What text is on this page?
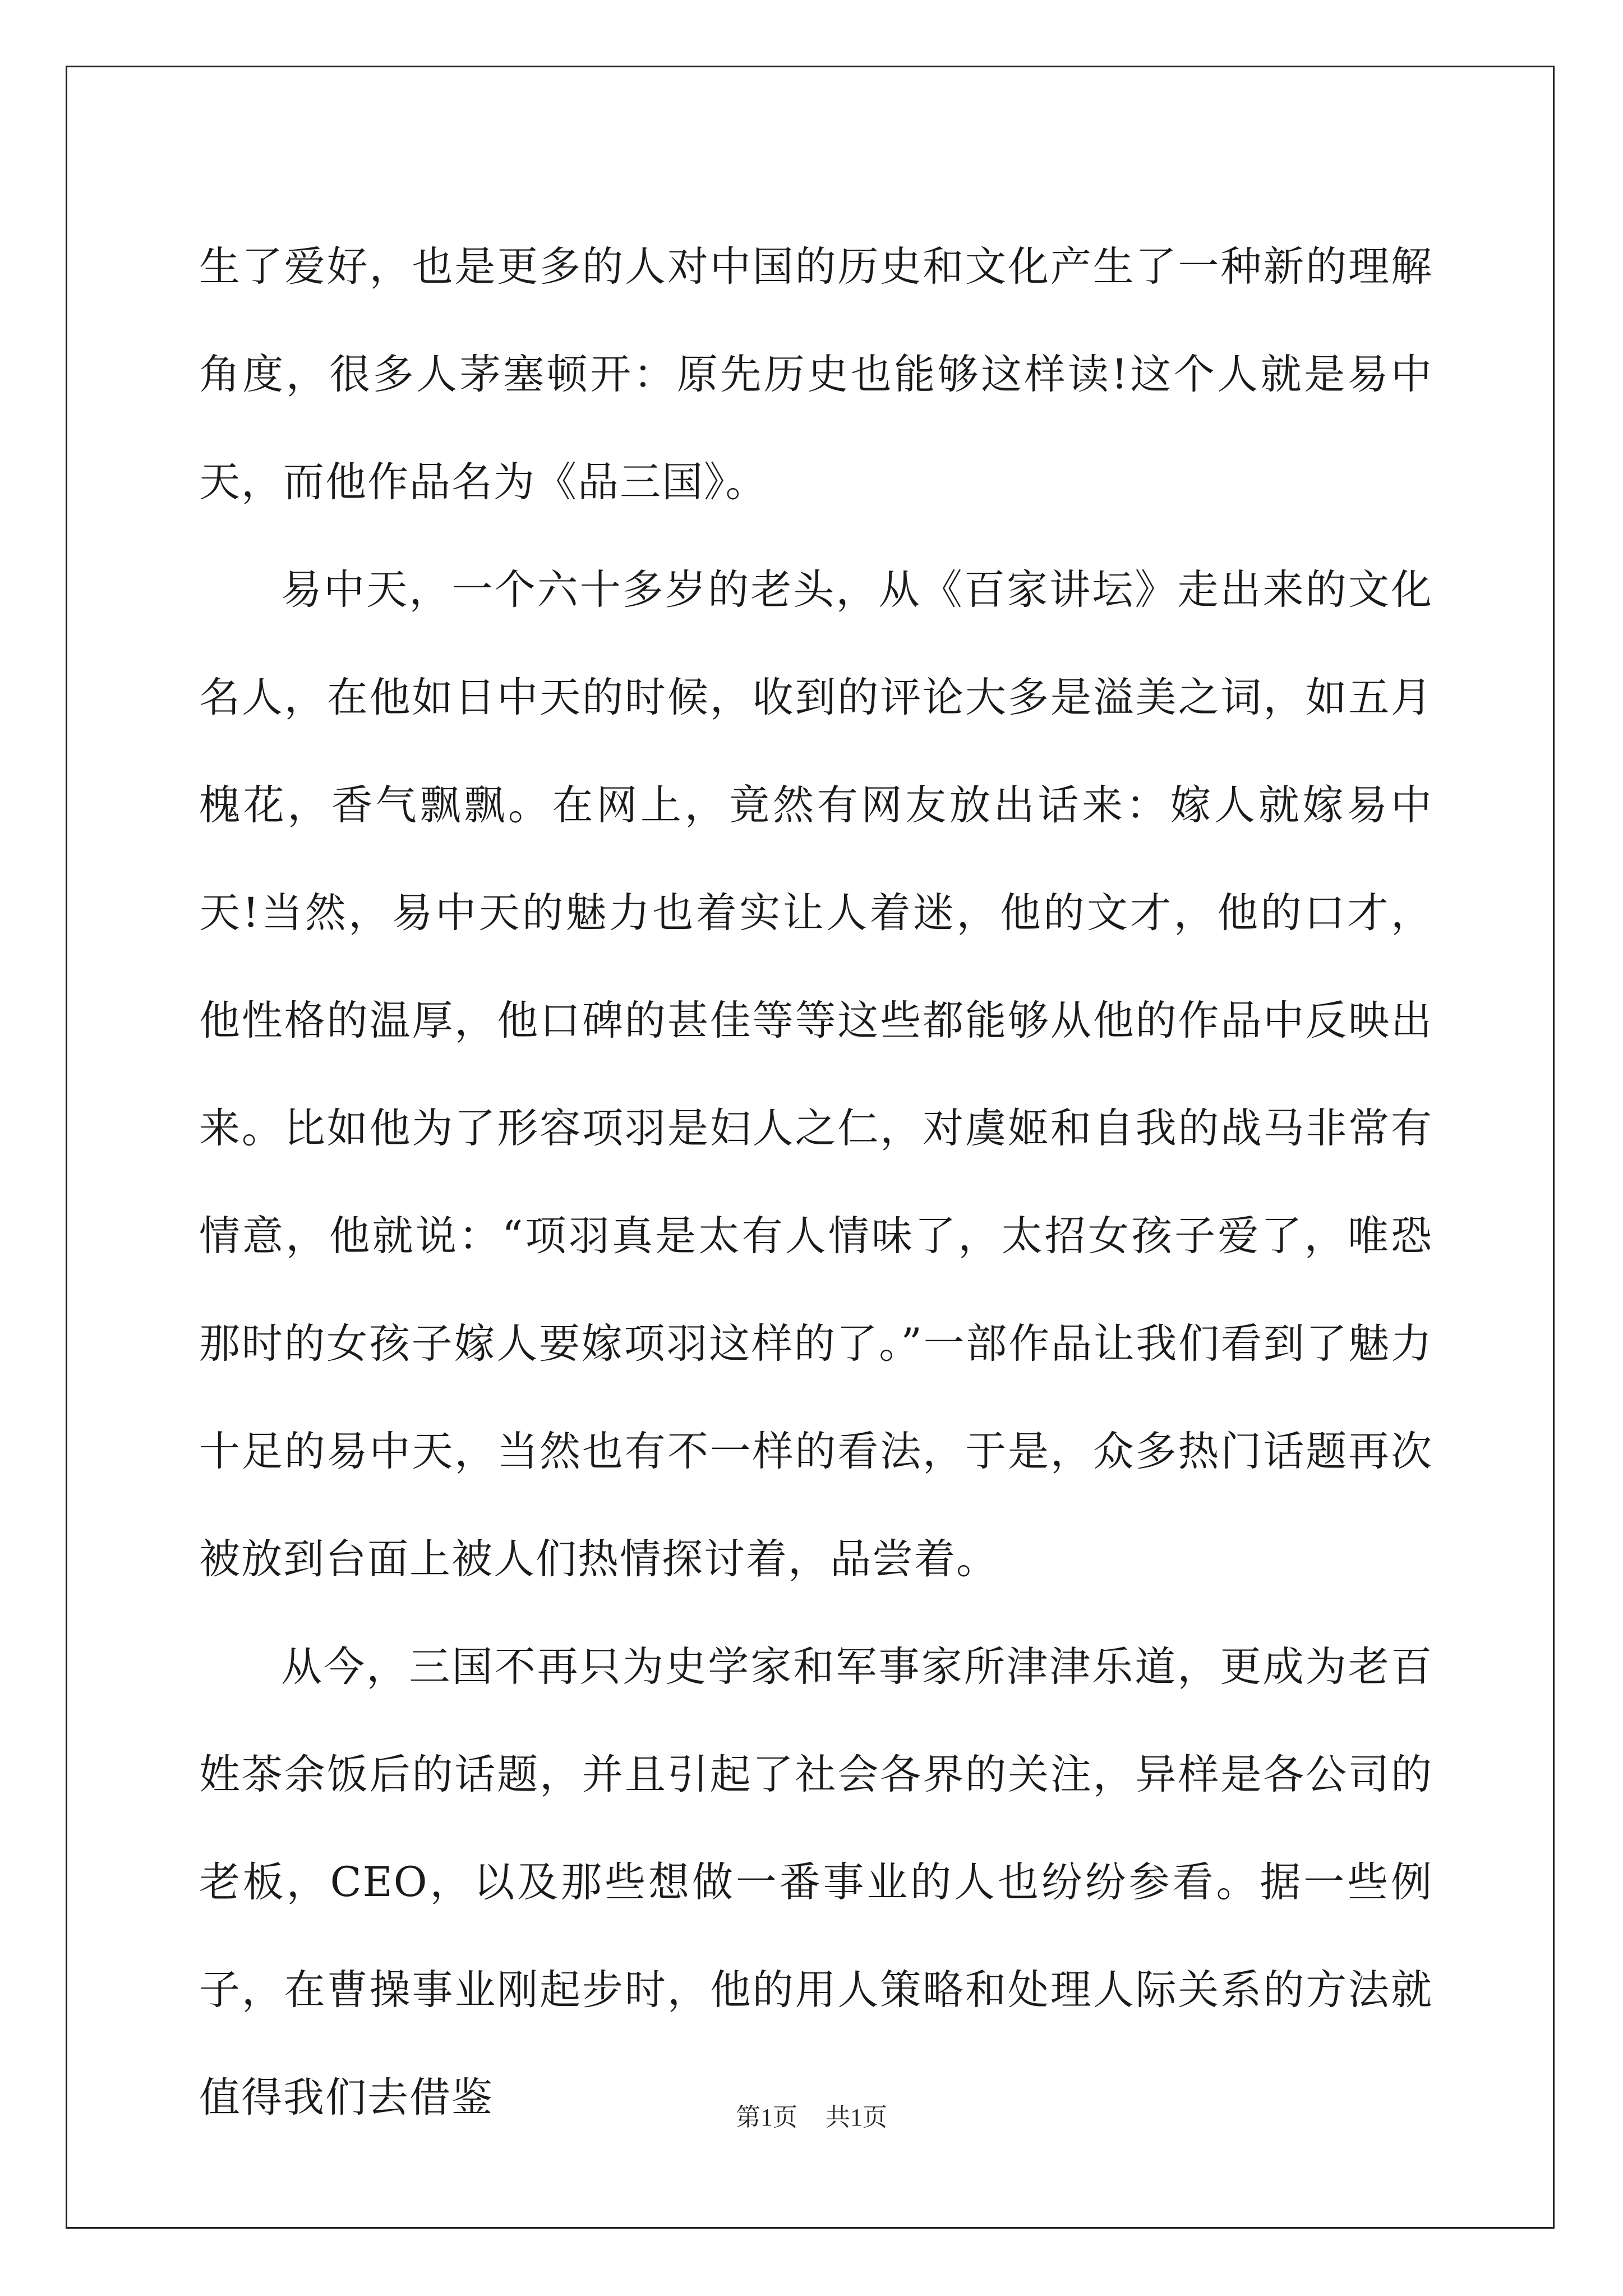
生了爱好，也是更多的人对中国的历史和文化产生了一种新的理解角度，很多人茅塞顿开：原先历史也能够这样读!这个人就是易中天，而他作品名为《品三国》。

易中天，一个六十多岁的老头，从《百家讲坛》走出来的文化名人，在他如日中天的时候，收到的评论大多是溢美之词，如五月槐花，香气飘飘。在网上，竟然有网友放出话来：嫁人就嫁易中天!当然，易中天的魅力也着实让人着迷，他的文才，他的口才，他性格的温厚，他口碑的甚佳等等这些都能够从他的作品中反映出来。比如他为了形容项羽是妇人之仁，对虞姬和自我的战马非常有情意，他就说：“项羽真是太有人情味了，太招女孩子爱了，唯恐那时的女孩子嫁人要嫁项羽这样的了。”一部作品让我们看到了魅力十足的易中天，当然也有不一样的看法，于是，众多热门话题再次被放到台面上被人们热情探讨着，品尝着。

从今，三国不再只为史学家和军事家所津津乐道，更成为老百姓茶余饭后的话题，并且引起了社会各界的关注，异样是各公司的老板，CEO，以及那些想做一番事业的人也纷纷参看。据一些例子，在曹操事业刚起步时，他的用人策略和处理人际关系的方法就值得我们去借鉴	第1页 共1页
